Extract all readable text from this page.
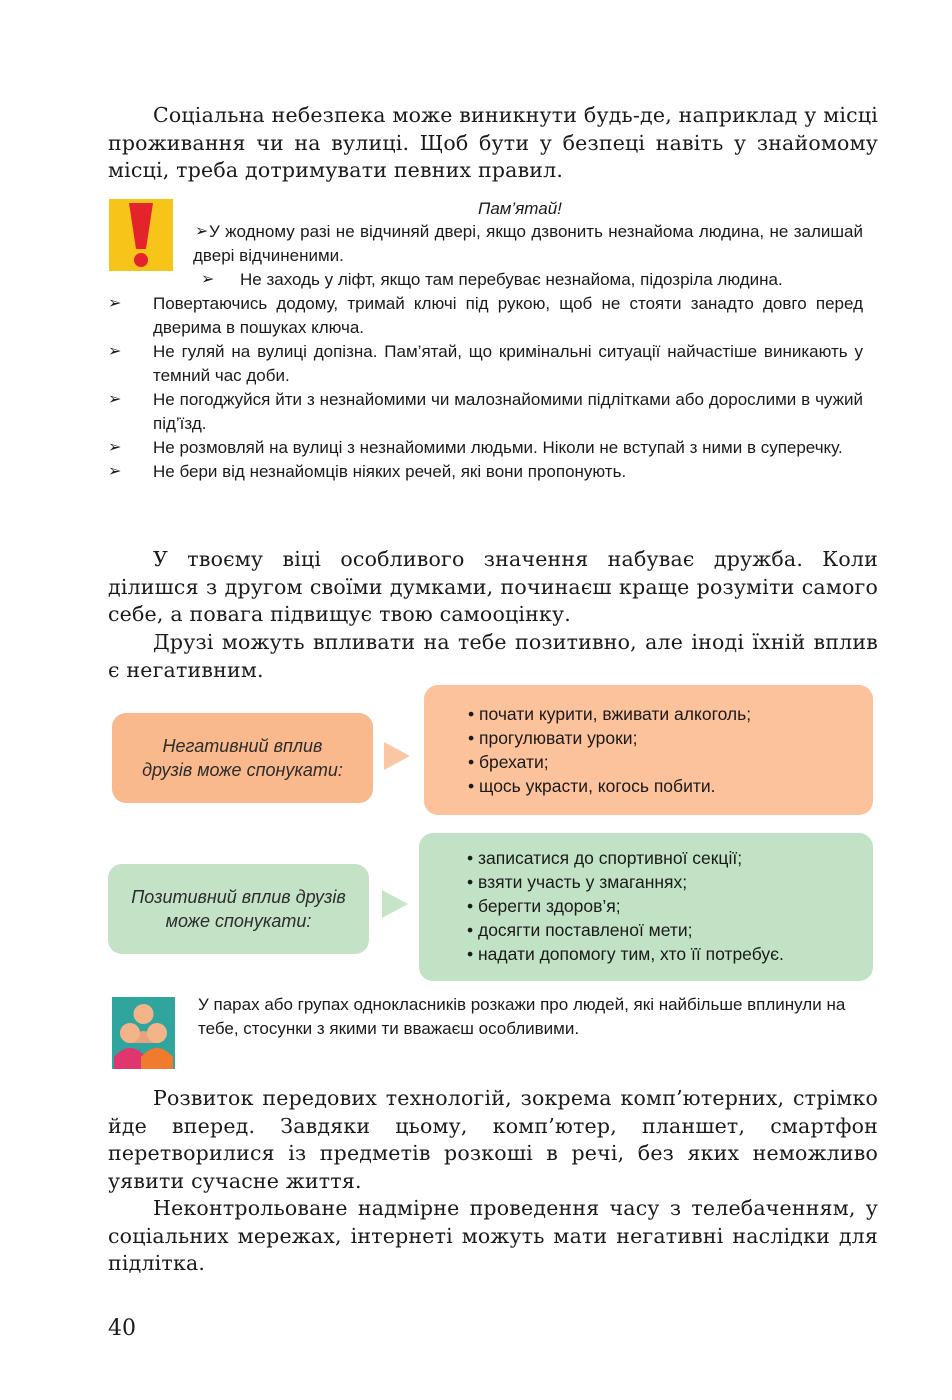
Соціальна небезпека може виникнути будь-де, наприклад у місці проживання чи на вулиці. Щоб бути у безпеці навіть у знайомому місці, треба дотримувати певних правил.
Пам’ятай!
➢ У жодному разі не відчиняй двері, якщо дзвонить незнайома людина, не залишай двері відчиненими.
➢	Не заходь у ліфт, якщо там перебуває незнайома, підозріла людина.
➢ Повертаючись додому, тримай ключі під рукою, щоб не стояти занадто довго перед дверима в пошуках ключа.
➢ Не гуляй на вулиці допізна. Пам’ятай, що кримінальні ситуації найчастіше виникають у темний час доби.
➢ Не погоджуйся йти з незнайомими чи малознайомими підлітками або дорослими в чужий під’їзд.
➢ Не розмовляй на вулиці з незнайомими людьми. Ніколи не вступай з ними в суперечку.
➢ Не бери від незнайомців ніяких речей, які вони пропонують.
У твоєму віці особливого значення набуває дружба. Коли ділишся з другом своїми думками, починаєш краще розуміти самого себе, а повага підвищує твою самооцінку.
Друзі можуть впливати на тебе позитивно, але іноді їхній вплив є негативним.
Негативний вплив друзів може спонукати:
• почати курити, вживати алкоголь;
• прогулювати уроки;
• брехати;
• щось украсти, когось побити.
Позитивний вплив друзів може спонукати:
• записатися до спортивної секції;
• взяти участь у змаганнях;
• берегти здоров’я;
• досягти поставленої мети;
• надати допомогу тим, хто її потребує.
У парах або групах однокласників розкажи про людей, які найбільше вплинули на тебе, стосунки з якими ти вважаєш особливими.
Розвиток передових технологій, зокрема комп’ютерних, стрімко йде вперед. Завдяки цьому, комп’ютер, планшет, смартфон перетворилися із предметів розкоші в речі, без яких неможливо уявити сучасне життя.
Неконтрольоване надмірне проведення часу з телебаченням, у соціальних мережах, інтернеті можуть мати негативні наслідки для підлітка.
40
